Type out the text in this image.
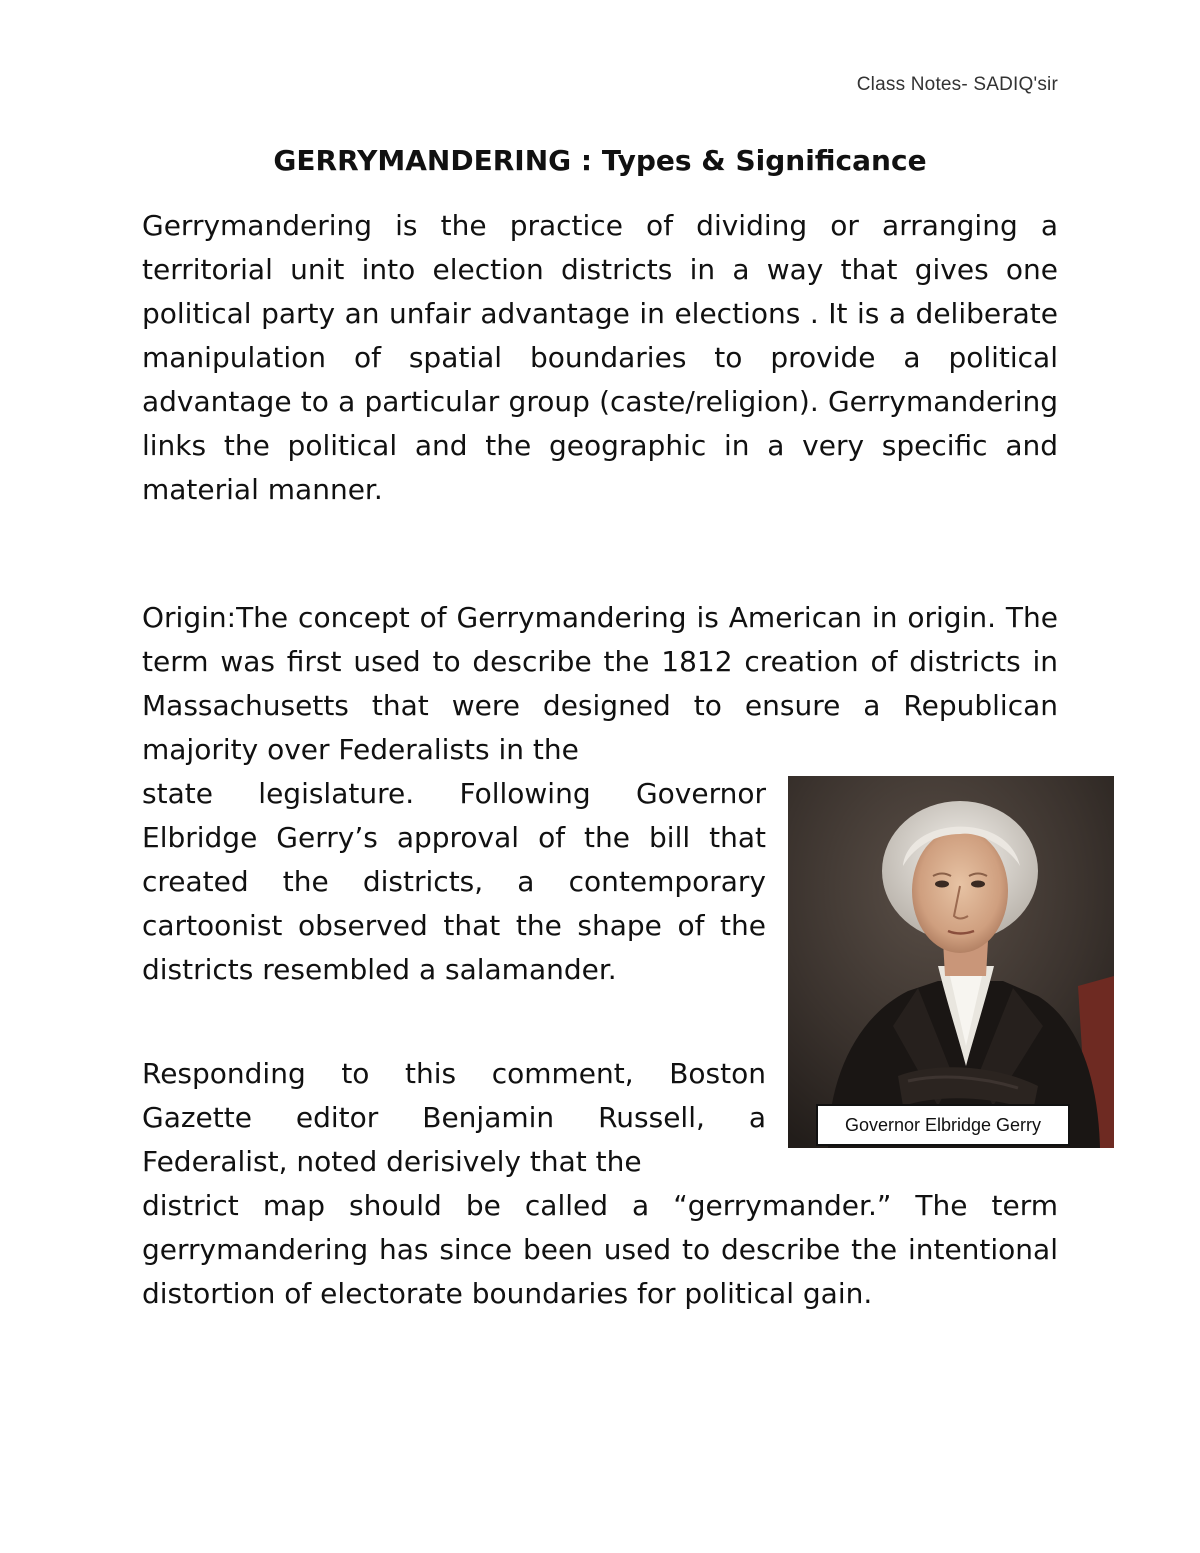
Class Notes- SADIQ'sir
GERRYMANDERING : Types & Significance
Gerrymandering is the practice of dividing or arranging a territorial unit into election districts in a way that gives one political party an unfair advantage in elections . It is a deliberate manipulation of spatial boundaries to provide a political advantage to a particular group (caste/religion). Gerrymandering links the political and the geographic in a very specific and material manner.
Origin:The concept of Gerrymandering is American in origin. The term was first used to describe the 1812 creation of districts in Massachusetts that were designed to ensure a Republican majority over Federalists in the
state legislature. Following Governor Elbridge Gerry’s approval of the bill that created the districts, a contemporary cartoonist observed that the shape of the districts resembled a salamander.
Responding to this comment, Boston Gazette editor Benjamin Russell, a Federalist, noted derisively that the
district map should be called a “gerrymander.” The term gerrymandering has since been used to describe the intentional distortion of electorate boundaries for political gain.
Governor Elbridge Gerry
